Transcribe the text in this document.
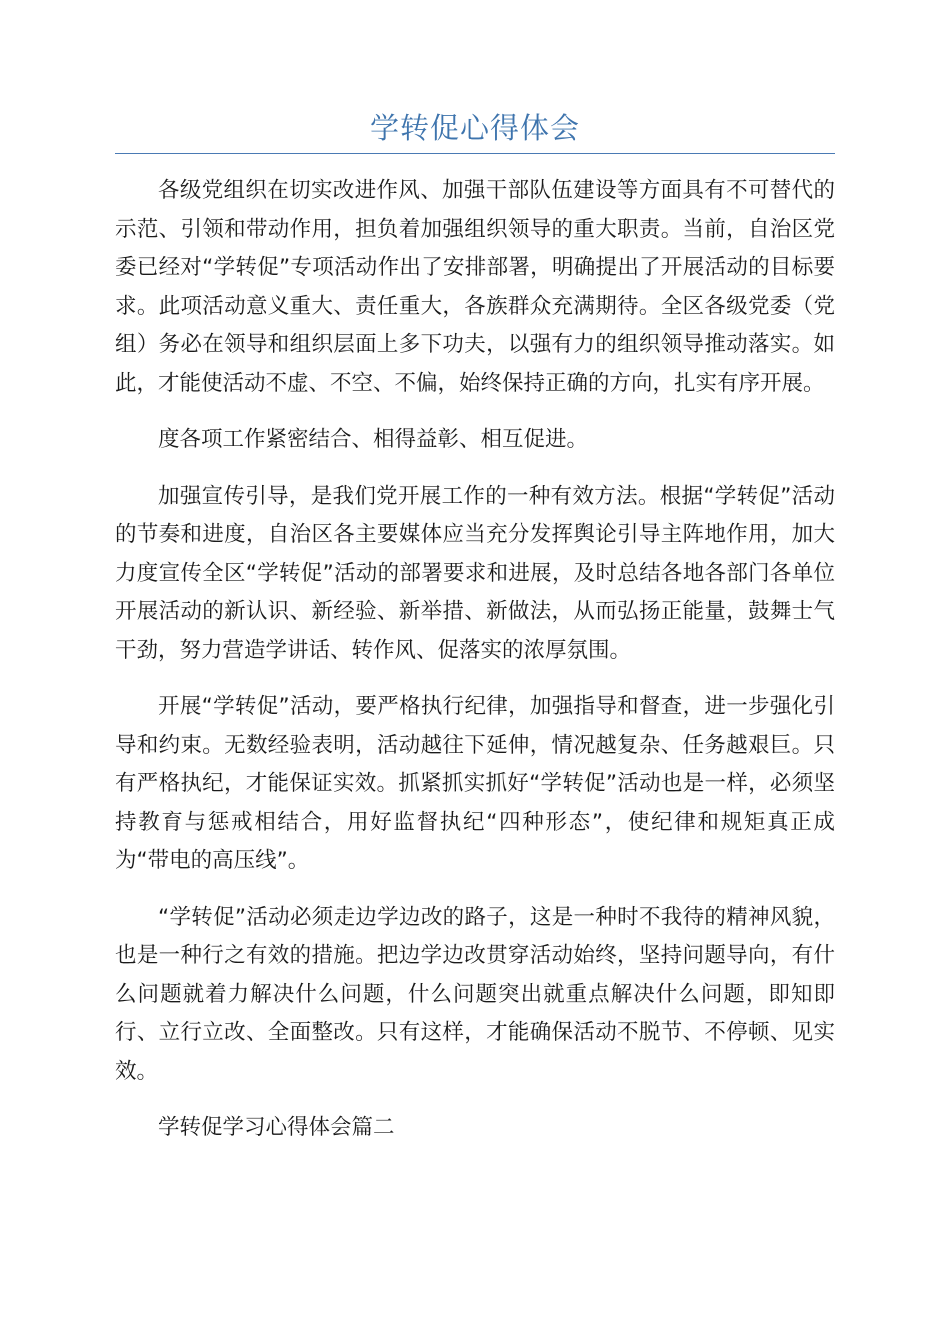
学转促心得体会

各级党组织在切实改进作风、加强干部队伍建设等方面具有不可替代的示范、引领和带动作用，担负着加强组织领导的重大职责。当前，自治区党委已经对“学转促”专项活动作出了安排部署，明确提出了开展活动的目标要求。此项活动意义重大、责任重大，各族群众充满期待。全区各级党委（党组）务必在领导和组织层面上多下功夫，以强有力的组织领导推动落实。如此，才能使活动不虚、不空、不偏，始终保持正确的方向，扎实有序开展。

度各项工作紧密结合、相得益彰、相互促进。

加强宣传引导，是我们党开展工作的一种有效方法。根据“学转促”活动的节奏和进度，自治区各主要媒体应当充分发挥舆论引导主阵地作用，加大力度宣传全区“学转促”活动的部署要求和进展，及时总结各地各部门各单位开展活动的新认识、新经验、新举措、新做法，从而弘扬正能量，鼓舞士气干劲，努力营造学讲话、转作风、促落实的浓厚氛围。

开展“学转促”活动，要严格执行纪律，加强指导和督查，进一步强化引导和约束。无数经验表明，活动越往下延伸，情况越复杂、任务越艰巨。只有严格执纪，才能保证实效。抓紧抓实抓好“学转促”活动也是一样，必须坚持教育与惩戒相结合，用好监督执纪“四种形态”，使纪律和规矩真正成为“带电的高压线”。

“学转促”活动必须走边学边改的路子，这是一种时不我待的精神风貌，也是一种行之有效的措施。把边学边改贯穿活动始终，坚持问题导向，有什么问题就着力解决什么问题，什么问题突出就重点解决什么问题，即知即行、立行立改、全面整改。只有这样，才能确保活动不脱节、不停顿、见实效。

学转促学习心得体会篇二
